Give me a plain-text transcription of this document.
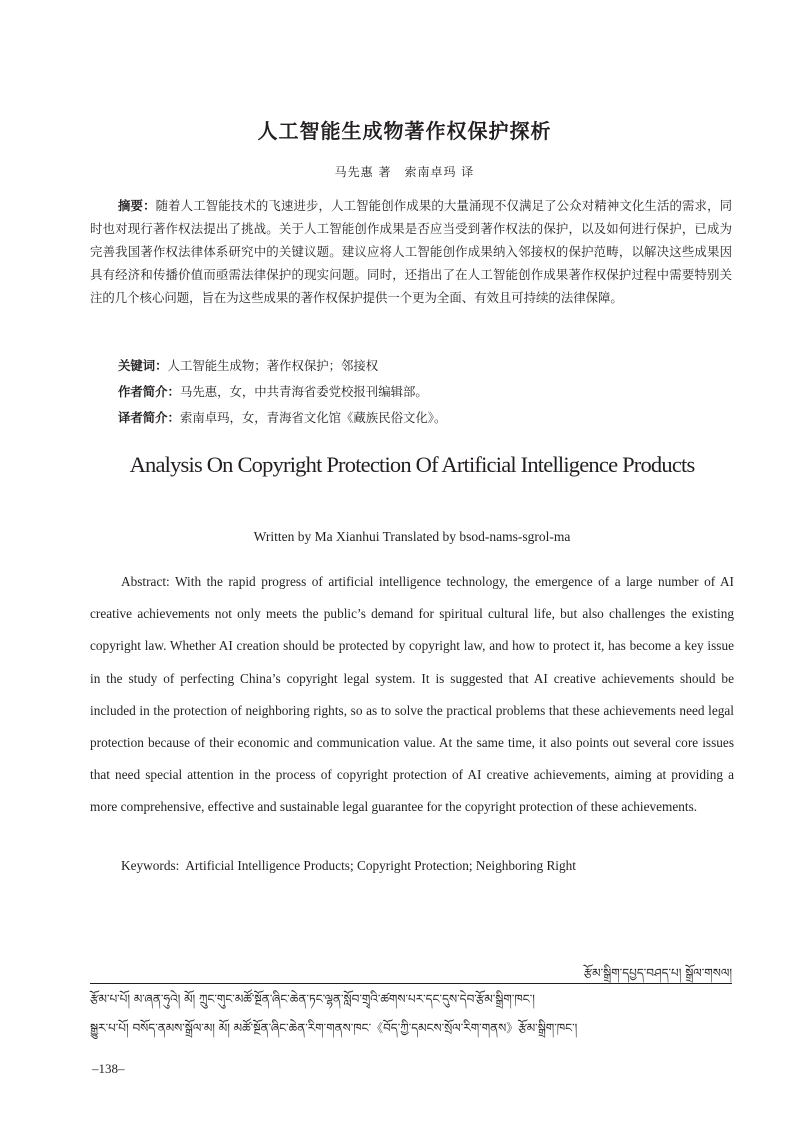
人工智能生成物著作权保护探析
马先惠 著　索南卓玛 译

摘要：随着人工智能技术的飞速进步，人工智能创作成果的大量涌现不仅满足了公众对精神文化生活的需求，同时也对现行著作权法提出了挑战。关于人工智能创作成果是否应当受到著作权法的保护，以及如何进行保护，已成为完善我国著作权法律体系研究中的关键议题。建议应将人工智能创作成果纳入邻接权的保护范畴，以解决这些成果因具有经济和传播价值而亟需法律保护的现实问题。同时，还指出了在人工智能创作成果著作权保护过程中需要特别关注的几个核心问题，旨在为这些成果的著作权保护提供一个更为全面、有效且可持续的法律保障。

关键词：人工智能生成物；著作权保护；邻接权
作者简介：马先惠，女，中共青海省委党校报刊编辑部。
译者简介：索南卓玛，女，青海省文化馆《藏族民俗文化》。
Analysis On Copyright Protection Of Artificial Intelligence Products
Written by Ma Xianhui Translated by bsod-nams-sgrol-ma

Abstract: With the rapid progress of artificial intelligence technology, the emergence of a large number of AI creative achievements not only meets the public’s demand for spiritual cultural life, but also challenges the existing copyright law. Whether AI creation should be protected by copyright law, and how to protect it, has become a key issue in the study of perfecting China’s copyright legal system. It is suggested that AI creative achievements should be included in the protection of neighboring rights, so as to solve the practical problems that these achievements need legal protection because of their economic and communication value. At the same time, it also points out several core issues that need special attention in the process of copyright protection of AI creative achievements, aiming at providing a more comprehensive, effective and sustainable legal guarantee for the copyright protection of these achievements.

Keywords: Artificial Intelligence Products; Copyright Protection; Neighboring Right
རྩོམ་སྒྲིག་དཔྱད་བཤད་པ། སྒྲོལ་གསལ།
རྩོམ་པ་པོ། མ་ཞན་ཧུའེ། མོ། ཀྲུང་གུང་མཚོ་སྔོན་ཞིང་ཆེན་ཏང་ལྷན་སློབ་གྲྭའི་ཚགས་པར་དང་དུས་དེབ་རྩོམ་སྒྲིག་ཁང་།
སྒྱུར་པ་པོ། བསོད་ནམས་སྒྲོལ་མ། མོ། མཚོ་སྔོན་ཞིང་ཆེན་རིག་གནས་ཁང་《བོད་ཀྱི་དམངས་སྲོལ་རིག་གནས》རྩོམ་སྒྲིག་ཁང་།
–138–
